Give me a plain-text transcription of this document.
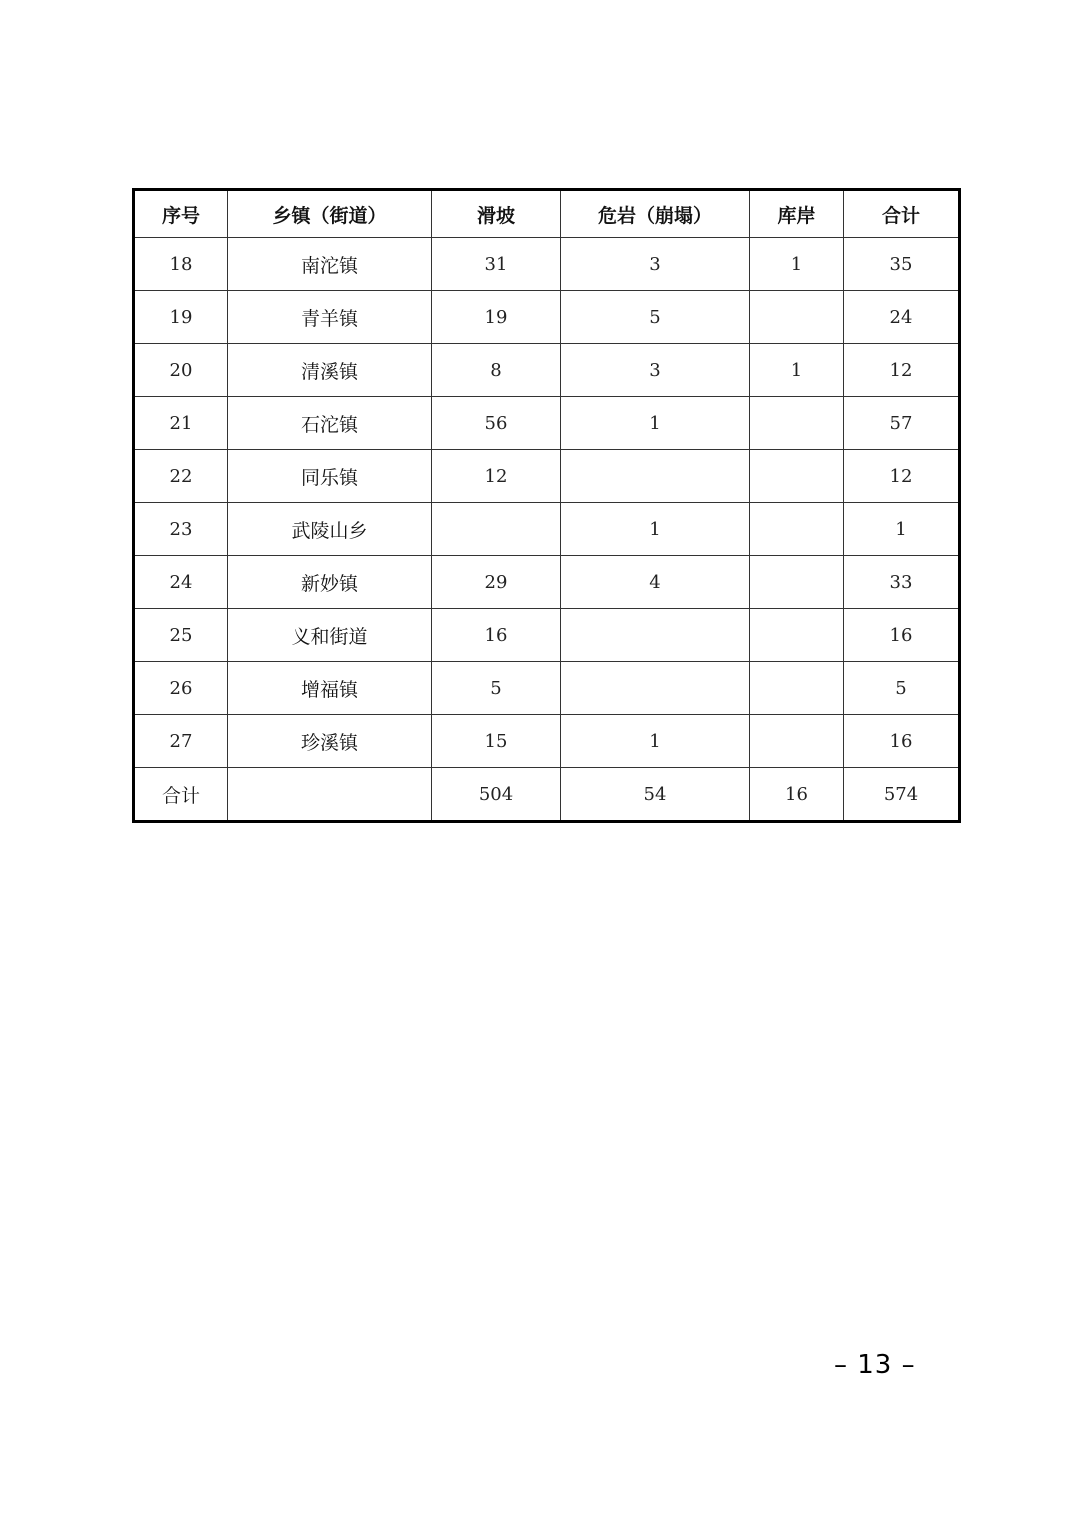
序号	乡镇（街道）	滑坡	危岩（崩塌）	库岸	合计
18	南沱镇	31	3	1	35
19	青羊镇	19	5		24
20	清溪镇	8	3	1	12
21	石沱镇	56	1		57
22	同乐镇	12			12
23	武陵山乡		1		1
24	新妙镇	29	4		33
25	义和街道	16			16
26	增福镇	5			5
27	珍溪镇	15	1		16
合计		504	54	16	574
– 13 –
